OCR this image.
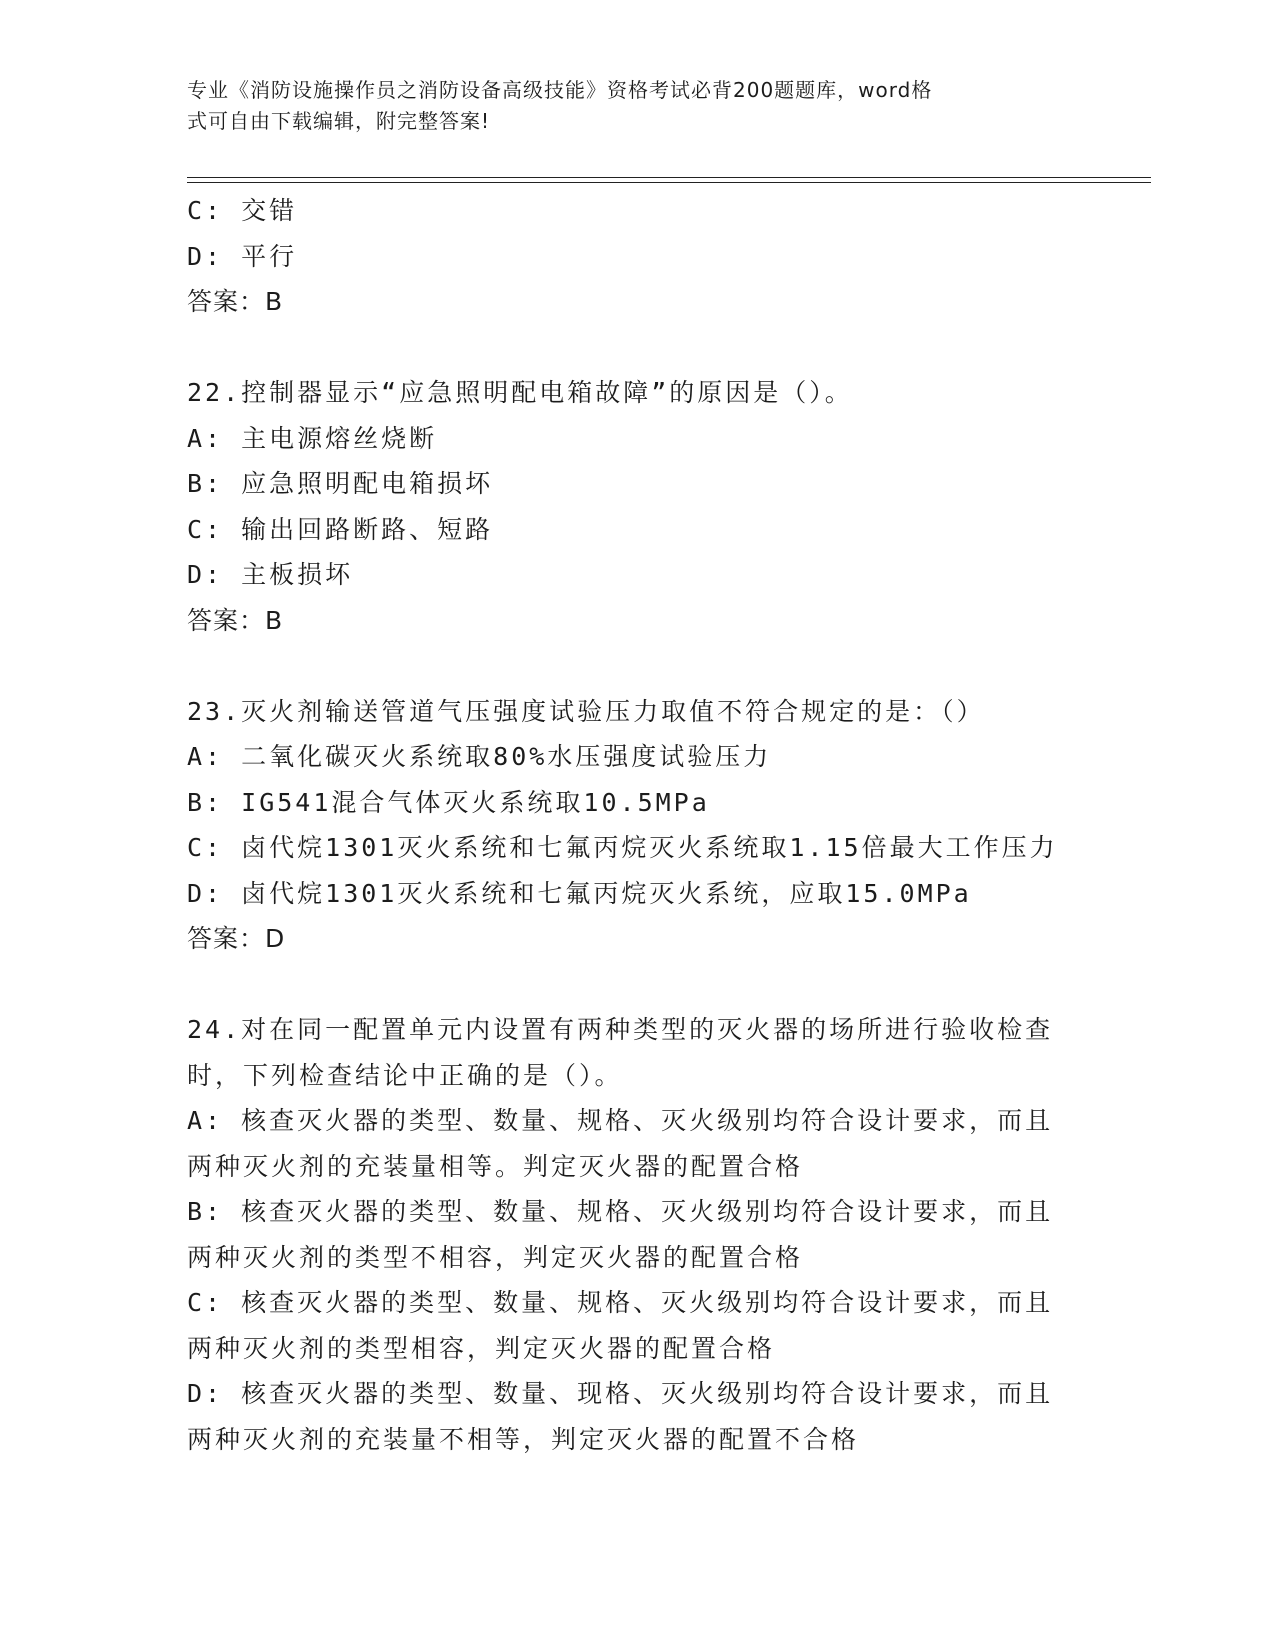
专业《消防设施操作员之消防设备高级技能》资格考试必背200题题库，word格
式可自由下载编辑，附完整答案!
C: 交错
D: 平行
答案：B
22.控制器显示“应急照明配电箱故障”的原因是（）。
A: 主电源熔丝烧断
B: 应急照明配电箱损坏
C: 输出回路断路、短路
D: 主板损坏
答案：B
23.灭火剂输送管道气压强度试验压力取值不符合规定的是：（）
A: 二氧化碳灭火系统取80%水压强度试验压力
B: IG541混合气体灭火系统取10.5MPa
C: 卤代烷1301灭火系统和七氟丙烷灭火系统取1.15倍最大工作压力
D: 卤代烷1301灭火系统和七氟丙烷灭火系统，应取15.0MPa
答案：D
24.对在同一配置单元内设置有两种类型的灭火器的场所进行验收检查
时，下列检查结论中正确的是（）。
A: 核查灭火器的类型、数量、规格、灭火级别均符合设计要求，而且
两种灭火剂的充装量相等。判定灭火器的配置合格
B: 核查灭火器的类型、数量、规格、灭火级别均符合设计要求，而且
两种灭火剂的类型不相容，判定灭火器的配置合格
C: 核查灭火器的类型、数量、规格、灭火级别均符合设计要求，而且
两种灭火剂的类型相容，判定灭火器的配置合格
D: 核查灭火器的类型、数量、现格、灭火级别均符合设计要求，而且
两种灭火剂的充装量不相等，判定灭火器的配置不合格
